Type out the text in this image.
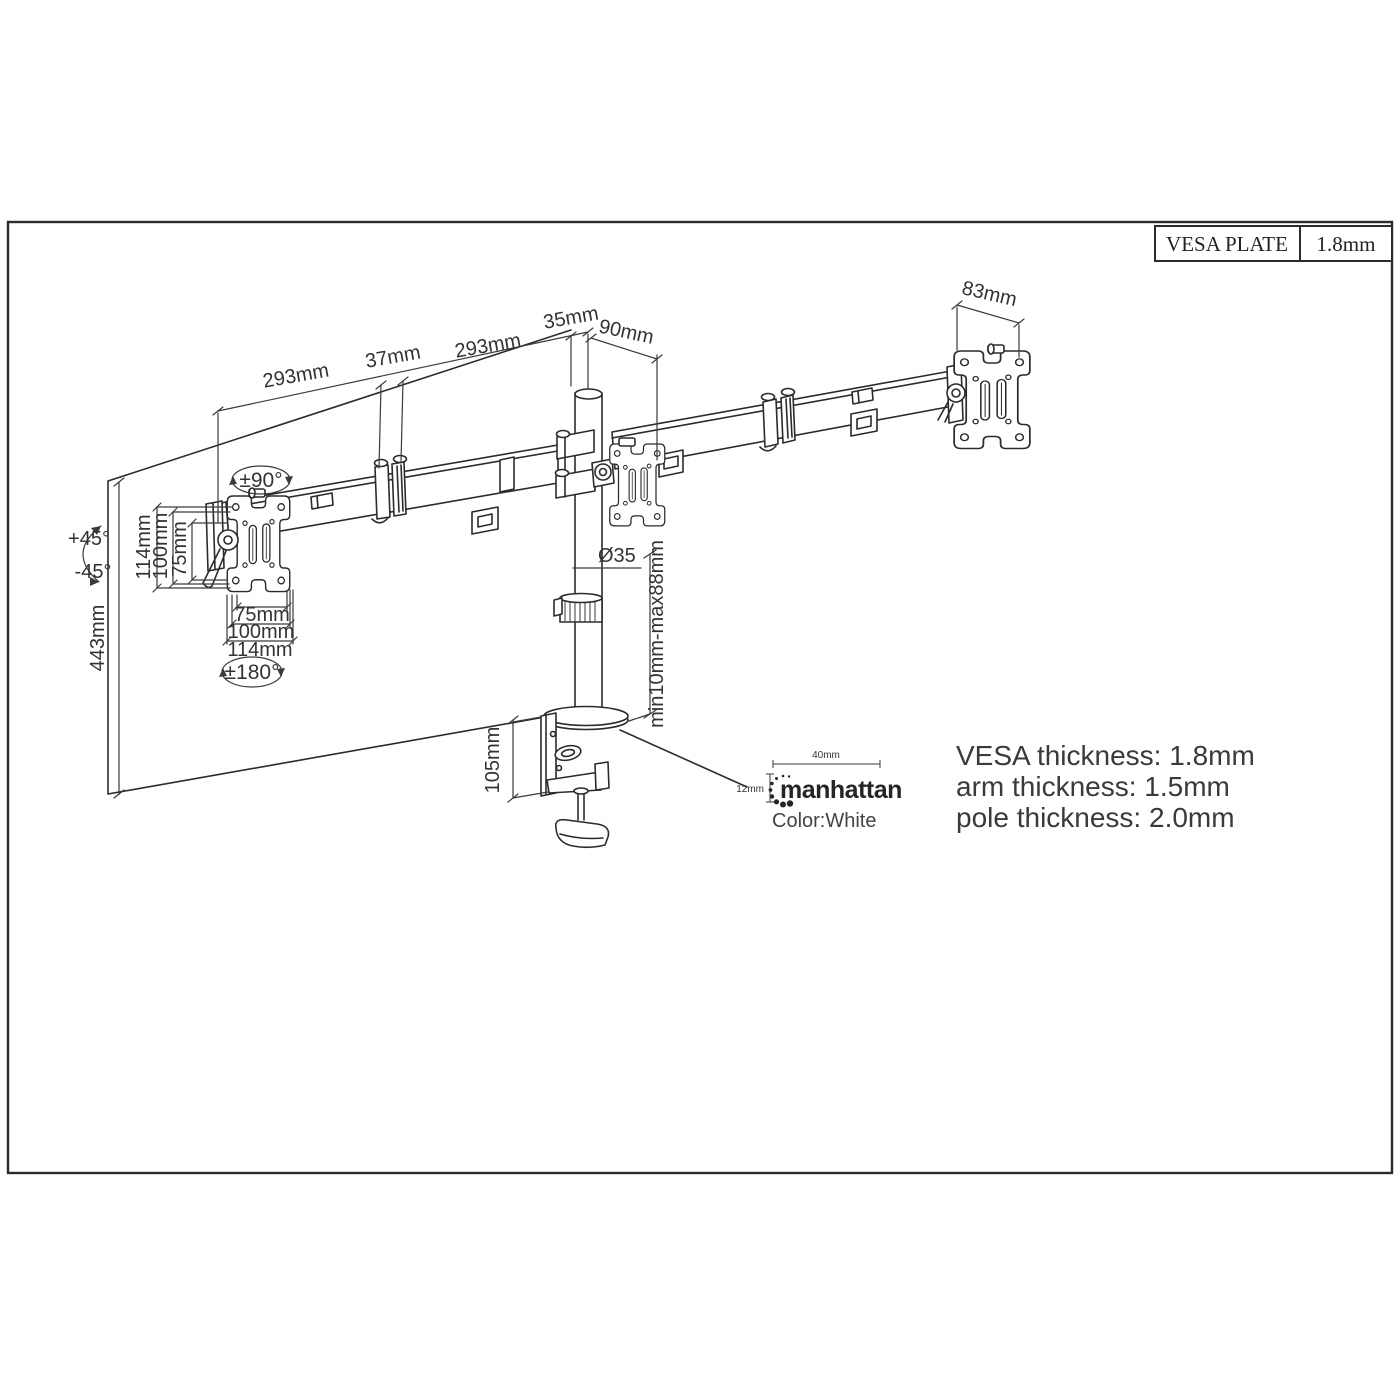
VESA PLATE 1.8mm
293mm
37mm 293mm
35mm
90mm
83mm
443mm
114mm
100mm
75mm
75mm
100mm
114mm
±90°
±180°
+45°
-45°
Ø35 min10mm-max88mm
105mm	40mm
12mm manhattan
Color:White
VESA thickness: 1.8mm
arm thickness: 1.5mm
pole thickness: 2.0mm
